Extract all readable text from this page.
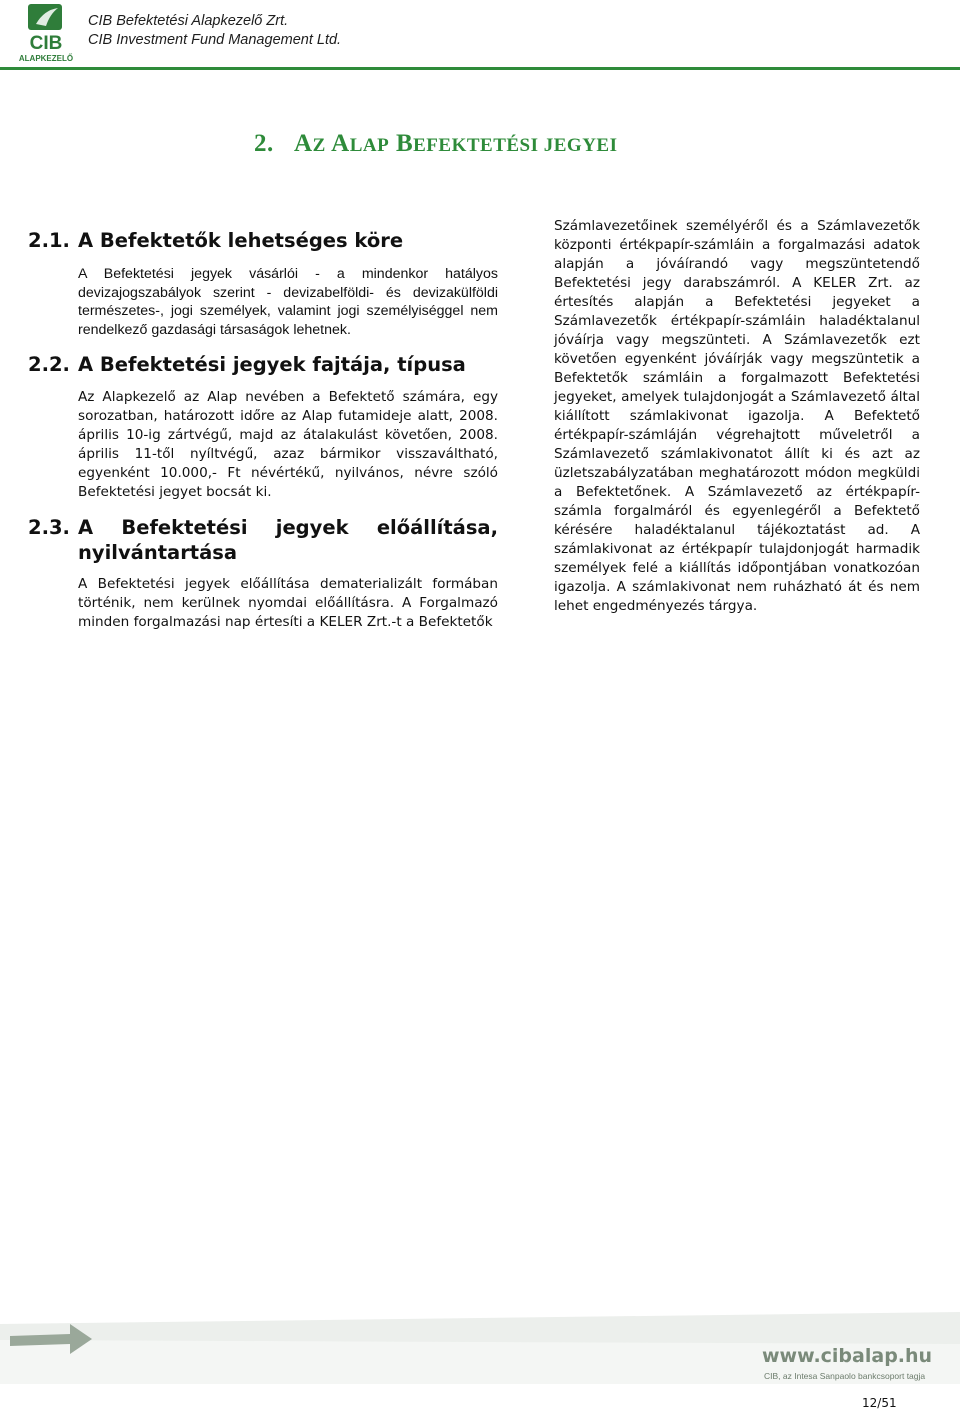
CIB
ALAPKEZELŐ
CIB Befektetési Alapkezelő Zrt.
CIB Investment Fund Management Ltd.
2. AZ ALAP BEFEKTETÉSI JEGYEI
2.1. A Befektetők lehetséges köre

A Befektetési jegyek vásárlói - a mindenkor hatályos devizajogszabályok szerint - devizabelföldi- és devizakülföldi természetes-, jogi személyek, valamint jogi személyiséggel nem rendelkező gazdasági társaságok lehetnek.

2.2. A Befektetési jegyek fajtája, típusa

Az Alapkezelő az Alap nevében a Befektető számára, egy sorozatban, határozott időre az Alap futamideje alatt, 2008. április 10-ig zártvégű, majd az átalakulást követően, 2008. április 11-től nyíltvégű, azaz bármikor visszaváltható, egyenként 10.000,- Ft névértékű, nyilvános, névre szóló Befektetési jegyet bocsát ki.

2.3. A Befektetési jegyek előállítása,
nyilvántartása

A Befektetési jegyek előállítása dematerializált formában történik, nem kerülnek nyomdai előállításra. A Forgalmazó minden forgalmazási nap értesíti a KELER Zrt.-t a Befektetők

Számlavezetőinek személyéről és a Számlavezetők központi értékpapír-számláin a forgalmazási adatok alapján a jóváírandó vagy megszüntetendő Befektetési jegy darabszámról. A KELER Zrt. az értesítés alapján a Befektetési jegyeket a Számlavezetők értékpapír-számláin haladéktalanul jóváírja vagy megszünteti. A Számlavezetők ezt követően egyenként jóváírják vagy megszüntetik a Befektetők számláin a forgalmazott Befektetési jegyeket, amelyek tulajdonjogát a Számlavezető által kiállított számlakivonat igazolja. A Befektető értékpapír-számláján végrehajtott műveletről a Számlavezető számlakivonatot állít ki és azt az üzletszabályzatában meghatározott módon megküldi a Befektetőnek. A Számlavezető az értékpapír-számla forgalmáról és egyenlegéről a Befektető kérésére haladéktalanul tájékoztatást ad. A számlakivonat az értékpapír tulajdonjogát harmadik személyek felé a kiállítás időpontjában vonatkozóan igazolja. A számlakivonat nem ruházható át és nem lehet engedményezés tárgya.

www.cibalap.hu
CIB, az Intesa Sanpaolo bankcsoport tagja
12/51
